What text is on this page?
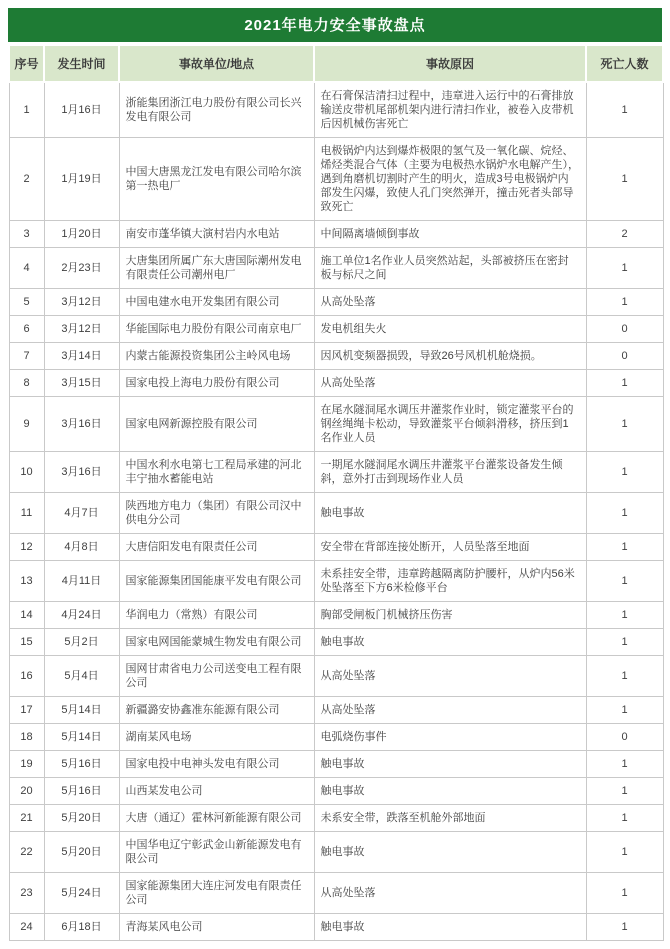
2021年电力安全事故盘点
序号	发生时间	事故单位/地点	事故原因	死亡人数
1	1月16日	浙能集团浙江电力股份有限公司长兴发电有限公司	在石膏保洁清扫过程中，违章进入运行中的石膏排放输送皮带机尾部机架内进行清扫作业，被卷入皮带机后因机械伤害死亡	1
2	1月19日	中国大唐黑龙江发电有限公司哈尔滨第一热电厂	电极锅炉内达到爆炸极限的氢气及一氧化碳、烷烃、烯烃类混合气体（主要为电极热水锅炉水电解产生），遇到角磨机切割时产生的明火，造成3号电极锅炉内部发生闪爆，致使人孔门突然弹开，撞击死者头部导致死亡	1
3	1月20日	南安市蓬华镇大演村岩内水电站	中间隔离墙倾倒事故	2
4	2月23日	大唐集团所属广东大唐国际潮州发电有限责任公司潮州电厂	施工单位1名作业人员突然站起，头部被挤压在密封板与标尺之间	1
5	3月12日	中国电建水电开发集团有限公司	从高处坠落	1
6	3月12日	华能国际电力股份有限公司南京电厂	发电机组失火	0
7	3月14日	内蒙古能源投资集团公主岭风电场	因风机变频器损毁，导致26号风机机舱烧损。	0
8	3月15日	国家电投上海电力股份有限公司	从高处坠落	1
9	3月16日	国家电网新源控股有限公司	在尾水隧洞尾水调压井灌浆作业时，锁定灌浆平台的钢丝绳绳卡松动，导致灌浆平台倾斜滑移，挤压到1名作业人员	1
10	3月16日	中国水利水电第七工程局承建的河北丰宁抽水蓄能电站	一期尾水隧洞尾水调压井灌浆平台灌浆设备发生倾斜，意外打击到现场作业人员	1
11	4月7日	陕西地方电力（集团）有限公司汉中供电分公司	触电事故	1
12	4月8日	大唐信阳发电有限责任公司	安全带在背部连接处断开，人员坠落至地面	1
13	4月11日	国家能源集团国能康平发电有限公司	未系挂安全带，违章跨越隔离防护腰杆，从炉内56米处坠落至下方6米检修平台	1
14	4月24日	华润电力（常熟）有限公司	胸部受闸板门机械挤压伤害	1
15	5月2日	国家电网国能蒙城生物发电有限公司	触电事故	1
16	5月4日	国网甘肃省电力公司送变电工程有限公司	从高处坠落	1
17	5月14日	新疆潞安协鑫准东能源有限公司	从高处坠落	1
18	5月14日	湖南某风电场	电弧烧伤事件	0
19	5月16日	国家电投中电神头发电有限公司	触电事故	1
20	5月16日	山西某发电公司	触电事故	1
21	5月20日	大唐（通辽）霍林河新能源有限公司	未系安全带，跌落至机舱外部地面	1
22	5月20日	中国华电辽宁彰武金山新能源发电有限公司	触电事故	1
23	5月24日	国家能源集团大连庄河发电有限责任公司	从高处坠落	1
24	6月18日	青海某风电公司	触电事故	1
